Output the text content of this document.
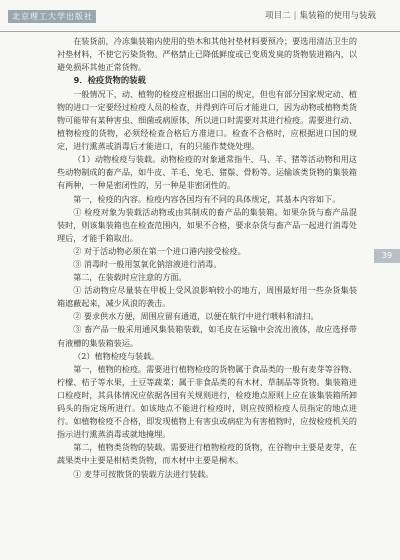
北京理工大学出版社	项目二 | 集装箱的使用与装载
39

在装货前，冷冻集装箱内使用的垫木和其他衬垫材料要预冷；要选用清洁卫生的衬垫材料，不使它污染货物。严格禁止已降低鲜度或已变质发臭的货物装进箱内，以避免损坏其他正常货物。

9．检疫货物的装载

一般情况下，动、植物的检疫应根据出口国的规定，但也有部分国家规定动、植物的进口一定要经过检疫人员的检查，并得到许可后才能进口，因为动物或植物类货物可能带有某种害虫、细菌或病原体，所以进口时需要对其进行检疫。需要进行动、植物检疫的货物，必须经检查合格后方准进口。检查不合格时，应根据进口国的规定，进行熏蒸或消毒后才能进口，有的只能作焚烧处理。

（1）动物检疫与装载。动物检疫的对象通常指牛、马、羊、猪等活动物和用这些动物制成的畜产品，如牛皮、羊毛、兔毛、猪鬃、骨粉等。运输该类货物的集装箱有两种，一种是密闭性的，另一种是非密闭性的。

第一，检疫的内容。检疫内容各国均有不同的具体规定，其基本内容如下。

① 检疫对象为装载活动物或由其制成的畜产品的集装箱。如果杂货与畜产品混装时，则该集装箱也在检查范围内，如果不合格，要求杂货与畜产品一起进行消毒处理后，才能手箱取出。

② 对于活动物必须在第一个进口港内接受检疫。

③ 消毒时一般用氢氧化钠溶液进行消毒。

第二，在装载时应注意的方面。

① 活动物应尽量装在甲板上受风浪影响较小的地方，周围最好用一些杂货集装箱遮蔽起来，减少风浪的袭击。

② 要求供水方便，周围应留有通道，以便在航行中进行喂料和清扫。

③ 畜产品一般采用通风集装箱装载，如毛皮在运输中会流出液体，故应选择带有液槽的集装箱装运。

（2）植物检疫与装载。

第一，植物的检疫。需要进行植物检疫的货物属于食品类的一般有麦芽等谷物、柠檬、桔子等水果，土豆等蔬菜；属于非食品类的有木材、草制品等货物。集装箱进口检疫时，其具体情况应依据各国有关规则进行，检疫地点原则上应在该集装箱所卸码头的指定场所进行。如该地点不能进行检疫时，则应按照检疫人员指定的地点进行。如植物检疫不合格，即发现植物上有害虫或病症为有害植物时，应按检疫机关的指示进行熏蒸消毒或就地掩埋。

第二，植物类货物的装载。需要进行植物检疫的货物，在谷物中主要是麦芽，在蔬果类中主要是柑桔类货物，而木材中主要是桐木。

① 麦芽可按散货的装载方法进行装载。
